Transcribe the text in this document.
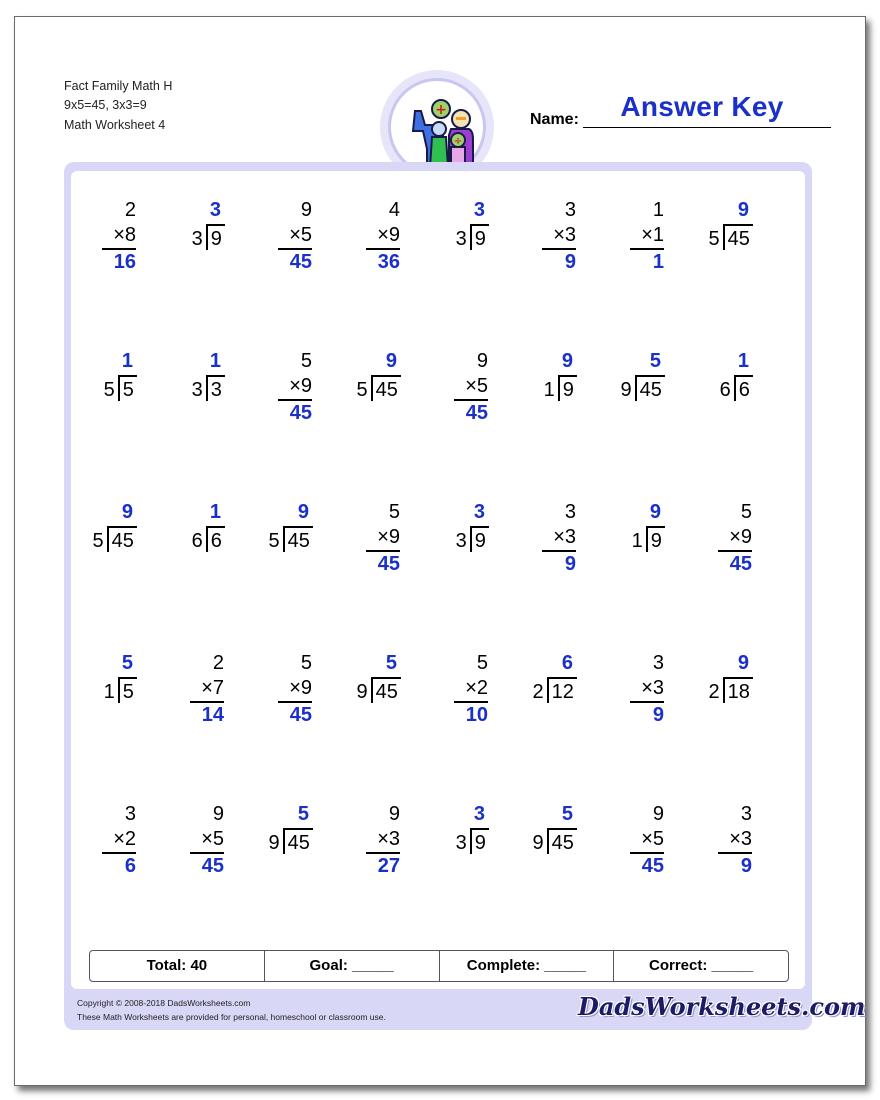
Fact Family Math H
9x5=45, 3x3=9
Math Worksheet 4
+
÷
Name:	Answer Key
2
×8
16
3 9
3	9
×5
45
4
×9
36
3 9
3	3
×3
9
1
×1
1
5 45
9
5 5
1
3 3
1	5
×9
45
5 45
9	9
×5
45
1 9
9
9 45
5
6 6
1
5 45
9
6 6
1
5 45
9	5
×9
45
3 9
3	3
×3
9
1 9
9	5
×9
45
1 5
5	2
×7
14
5
×9
45
9 45
5	5
×2
10
2 12
6	3
×3
9
2 18
9
3
×2
6
9
×5
45
9 45
5	9
×3
27
3 9
3
9 45
5	9
×5
45
3
×3
9
Total: 40	Goal: _____	Complete: _____	Correct: _____
Copyright © 2008-2018 DadsWorksheets.com
These Math Worksheets are provided for personal, homeschool or classroom use.	DadsWorksheets.com
